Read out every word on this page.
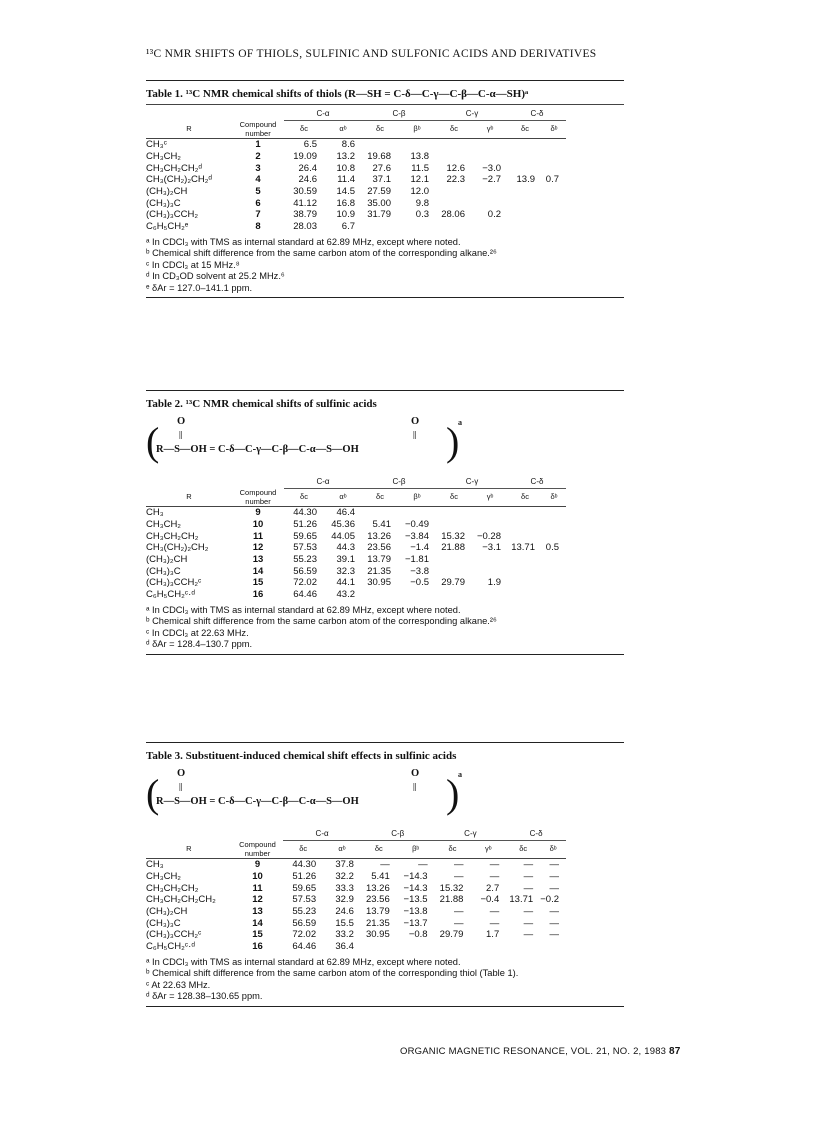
¹³C NMR SHIFTS OF THIOLS, SULFINIC AND SULFONIC ACIDS AND DERIVATIVES
Table 1. ¹³C NMR chemical shifts of thiols (R—SH = C-δ—C-γ—C-β—C-α—SH)ᵃ
		C-α		C-β		C-γ		C-δ	
	Compound number								
R		δc	αᵇ	δc	βᵇ	δc	γᵇ	δc	δᵇ
CH₃ᶜ	1	6.5	8.6						
CH₃CH₂	2	19.09	13.2	19.68	13.8				
CH₃CH₂CH₂ᵈ	3	26.4	10.8	27.6	11.5	12.6	−3.0		
CH₃(CH₂)₂CH₂ᵈ	4	24.6	11.4	37.1	12.1	22.3	−2.7	13.9	0.7
(CH₃)₂CH	5	30.59	14.5	27.59	12.0				
(CH₃)₃C	6	41.12	16.8	35.00	9.8				
(CH₃)₃CCH₂	7	38.79	10.9	31.79	0.3	28.06	0.2		
C₆H₅CH₂ᵉ	8	28.03	6.7						
ᵃ In CDCl₃ with TMS as internal standard at 62.89 MHz, except where noted.
ᵇ Chemical shift difference from the same carbon atom of the corresponding alkane.²⁶
ᶜ In CDCl₃ at 15 MHz.⁸
ᵈ In CD₃OD solvent at 25.2 MHz.⁶
ᵉ δAr = 127.0–141.1 ppm.
Table 2. ¹³C NMR chemical shifts of sulfinic acids
( O
||
R—S—OH = C-δ—C-γ—C-β—C-α—S—OH
O
|| )
a
		C-α		C-β		C-γ		C-δ	
	Compound number								
R		δc	αᵇ	δc	βᵇ	δc	γᵇ	δc	δᵇ
CH₃	9	44.30	46.4						
CH₃CH₂	10	51.26	45.36	5.41	−0.49				
CH₃CH₂CH₂	11	59.65	44.05	13.26	−3.84	15.32	−0.28		
CH₃(CH₂)₂CH₂	12	57.53	44.3	23.56	−1.4	21.88	−3.1	13.71	0.5
(CH₃)₂CH	13	55.23	39.1	13.79	−1.81				
(CH₃)₃C	14	56.59	32.3	21.35	−3.8				
(CH₃)₃CCH₂ᶜ	15	72.02	44.1	30.95	−0.5	29.79	1.9		
C₆H₅CH₂ᶜ·ᵈ	16	64.46	43.2						
ᵃ In CDCl₃ with TMS as internal standard at 62.89 MHz, except where noted.
ᵇ Chemical shift difference from the same carbon atom of the corresponding alkane.²⁶
ᶜ In CDCl₃ at 22.63 MHz.
ᵈ δAr = 128.4–130.7 ppm.
Table 3. Substituent-induced chemical shift effects in sulfinic acids
( O
||
R—S—OH = C-δ—C-γ—C-β—C-α—S—OH
O
|| )
a
		C-α		C-β		C-γ		C-δ	
	Compound number								
R		δc	αᵇ	δc	βᵇ	δc	γᵇ	δc	δᵇ
CH₃	9	44.30	37.8	—	—	—	—	—	—
CH₃CH₂	10	51.26	32.2	5.41	−14.3	—	—	—	—
CH₃CH₂CH₂	11	59.65	33.3	13.26	−14.3	15.32	2.7	—	—
CH₃CH₂CH₂CH₂	12	57.53	32.9	23.56	−13.5	21.88	−0.4	13.71	−0.2
(CH₃)₂CH	13	55.23	24.6	13.79	−13.8	—	—	—	—
(CH₃)₃C	14	56.59	15.5	21.35	−13.7	—	—	—	—
(CH₃)₃CCH₂ᶜ	15	72.02	33.2	30.95	−0.8	29.79	1.7	—	—
C₆H₅CH₂ᶜ·ᵈ	16	64.46	36.4						
ᵃ In CDCl₃ with TMS as internal standard at 62.89 MHz, except where noted.
ᵇ Chemical shift difference from the same carbon atom of the corresponding thiol (Table 1).
ᶜ At 22.63 MHz.
ᵈ δAr = 128.38–130.65 ppm.
ORGANIC MAGNETIC RESONANCE, VOL. 21, NO. 2, 1983 87
